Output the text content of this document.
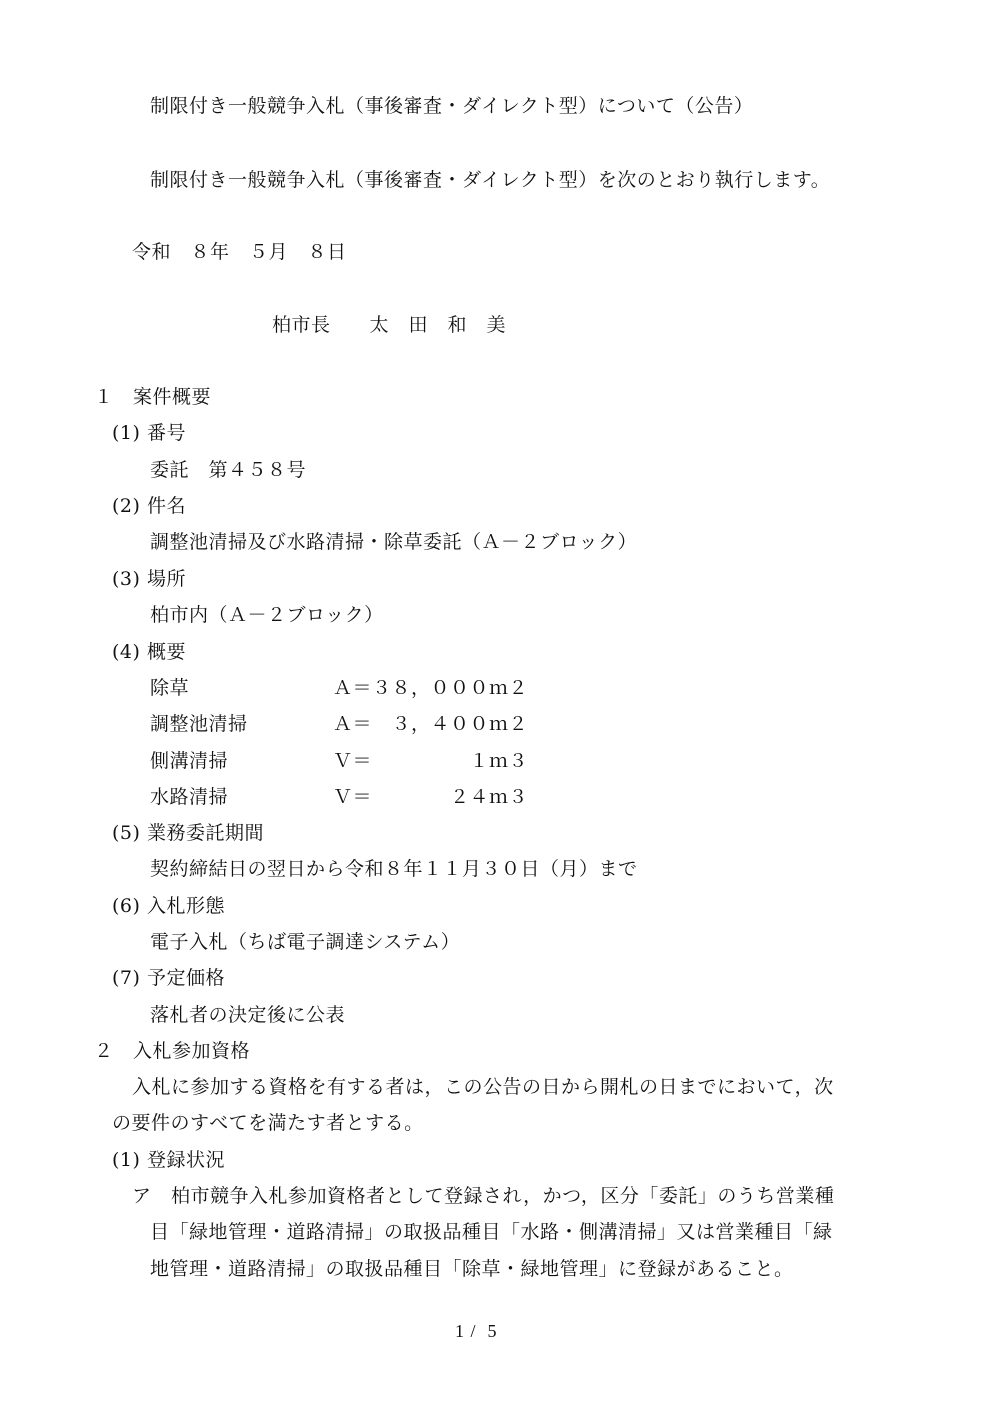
制限付き一般競争入札（事後審査・ダイレクト型）について（公告）
制限付き一般競争入札（事後審査・ダイレクト型）を次のとおり執行します。
令和　８年　５月　８日
柏市長　　太　田　和　美
１　案件概要
(1) 番号
委託　第４５８号
(2) 件名
調整池清掃及び水路清掃・除草委託（Ａ－２ブロック）
(3) 場所
柏市内（Ａ－２ブロック）
(4) 概要
除草	Ａ＝３８，０００ｍ２
調整池清掃	Ａ＝　３，４００ｍ２
側溝清掃	Ｖ＝　　　　　１ｍ３
水路清掃	Ｖ＝　　　　２４ｍ３
(5) 業務委託期間
契約締結日の翌日から令和８年１１月３０日（月）まで
(6) 入札形態
電子入札（ちば電子調達システム）
(7) 予定価格
落札者の決定後に公表
２　入札参加資格
入札に参加する資格を有する者は，この公告の日から開札の日までにおいて，次
の要件のすべてを満たす者とする。
(1) 登録状況
ア　柏市競争入札参加資格者として登録され，かつ，区分「委託」のうち営業種
目「緑地管理・道路清掃」の取扱品種目「水路・側溝清掃」又は営業種目「緑
地管理・道路清掃」の取扱品種目「除草・緑地管理」に登録があること。
1 /  5
